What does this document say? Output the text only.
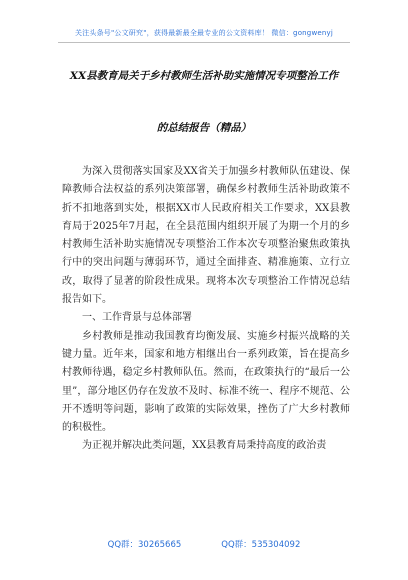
关注头条号"公文研究"，获得最新最全最专业的公文资料库！ 微信：gongwenyj
XX县教育局关于乡村教师生活补助实施情况专项整治工作
的总结报告（精品）

为深入贯彻落实国家及XX省关于加强乡村教师队伍建设、保障教师合法权益的系列决策部署，确保乡村教师生活补助政策不折不扣地落到实处，根据XX市人民政府相关工作要求，XX县教育局于2025年7月起，在全县范围内组织开展了为期一个月的乡村教师生活补助实施情况专项整治工作本次专项整治聚焦政策执行中的突出问题与薄弱环节，通过全面排查、精准施策、立行立改，取得了显著的阶段性成果。现将本次专项整治工作情况总结报告如下。

一、工作背景与总体部署

乡村教师是推动我国教育均衡发展、实施乡村振兴战略的关键力量。近年来，国家和地方相继出台一系列政策，旨在提高乡村教师待遇，稳定乡村教师队伍。然而，在政策执行的“最后一公里”，部分地区仍存在发放不及时、标准不统一、程序不规范、公开不透明等问题，影响了政策的实际效果，挫伤了广大乡村教师的积极性。

为正视并解决此类问题，XX县教育局秉持高度的政治责

QQ群：30265665	QQ群：535304092
